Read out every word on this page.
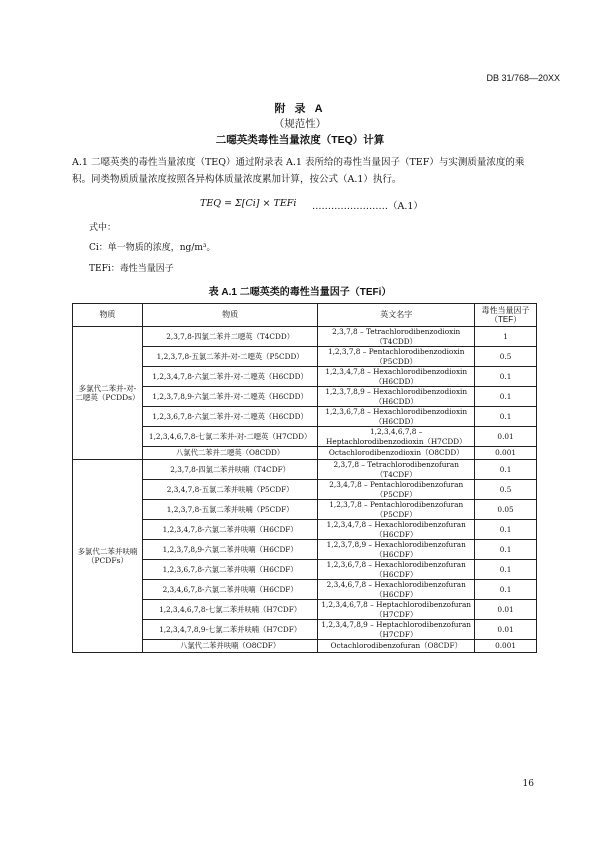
DB 31/768—20XX
附 录 A
（规范性）
二噁英类毒性当量浓度（TEQ）计算
A.1 二噁英类的毒性当量浓度（TEQ）通过附录表 A.1 表所给的毒性当量因子（TEF）与实测质量浓度的乘积。同类物质质量浓度按照各异构体质量浓度累加计算，按公式（A.1）执行。
TEQ = Σ[Ci] × TEFi ……………………（A.1）
式中：
Ci：单一物质的浓度，ng/m³。
TEFi：毒性当量因子
表 A.1 二噁英类的毒性当量因子（TEFi）
物质	物质	英文名字	毒性当量因子（TEF）
多氯代二苯并-对-二噁英（PCDDs）	2,3,7,8-四氯二苯并二噁英（T4CDD）	2,3,7,8 – Tetrachlorodibenzodioxin（T4CDD）	1
	1,2,3,7,8-五氯二苯并-对-二噁英（P5CDD）	1,2,3,7,8 – Pentachlorodibenzodioxin（P5CDD）	0.5
	1,2,3,4,7,8-六氯二苯并-对-二噁英（H6CDD）	1,2,3,4,7,8 – Hexachlorodibenzodioxin（H6CDD）	0.1
	1,2,3,7,8,9-六氯二苯并-对-二噁英（H6CDD）	1,2,3,7,8,9 – Hexachlorodibenzodioxin（H6CDD）	0.1
	1,2,3,6,7,8-六氯二苯并-对-二噁英（H6CDD）	1,2,3,6,7,8 – Hexachlorodibenzodioxin（H6CDD）	0.1
	1,2,3,4,6,7,8-七氯二苯并-对-二噁英（H7CDD）	1,2,3,4,6,7,8 – Heptachlorodibenzodioxin（H7CDD）	0.01
	八氯代二苯并二噁英（O8CDD）	Octachlorodibenzodioxin（O8CDD）	0.001
多氯代二苯并呋喃（PCDFs）	2,3,7,8-四氯二苯并呋喃（T4CDF）	2,3,7,8 – Tetrachlorodibenzofuran（T4CDF）	0.1
	2,3,4,7,8-五氯二苯并呋喃（P5CDF）	2,3,4,7,8 – Pentachlorodibenzofuran（P5CDF）	0.5
	1,2,3,7,8-五氯二苯并呋喃（P5CDF）	1,2,3,7,8 – Pentachlorodibenzofuran（P5CDF）	0.05
	1,2,3,4,7,8-六氯二苯并呋喃（H6CDF）	1,2,3,4,7,8 – Hexachlorodibenzofuran（H6CDF）	0.1
	1,2,3,7,8,9-六氯二苯并呋喃（H6CDF）	1,2,3,7,8,9 – Hexachlorodibenzofuran（H6CDF）	0.1
	1,2,3,6,7,8-六氯二苯并呋喃（H6CDF）	1,2,3,6,7,8 – Hexachlorodibenzofuran（H6CDF）	0.1
	2,3,4,6,7,8-六氯二苯并呋喃（H6CDF）	2,3,4,6,7,8 – Hexachlorodibenzofuran（H6CDF）	0.1
	1,2,3,4,6,7,8-七氯二苯并呋喃（H7CDF）	1,2,3,4,6,7,8 – Heptachlorodibenzofuran（H7CDF）	0.01
	1,2,3,4,7,8,9-七氯二苯并呋喃（H7CDF）	1,2,3,4,7,8,9 – Heptachlorodibenzofuran（H7CDF）	0.01
	八氯代二苯并呋喃（O8CDF）	Octachlorodibenzofuran（O8CDF）	0.001
16
